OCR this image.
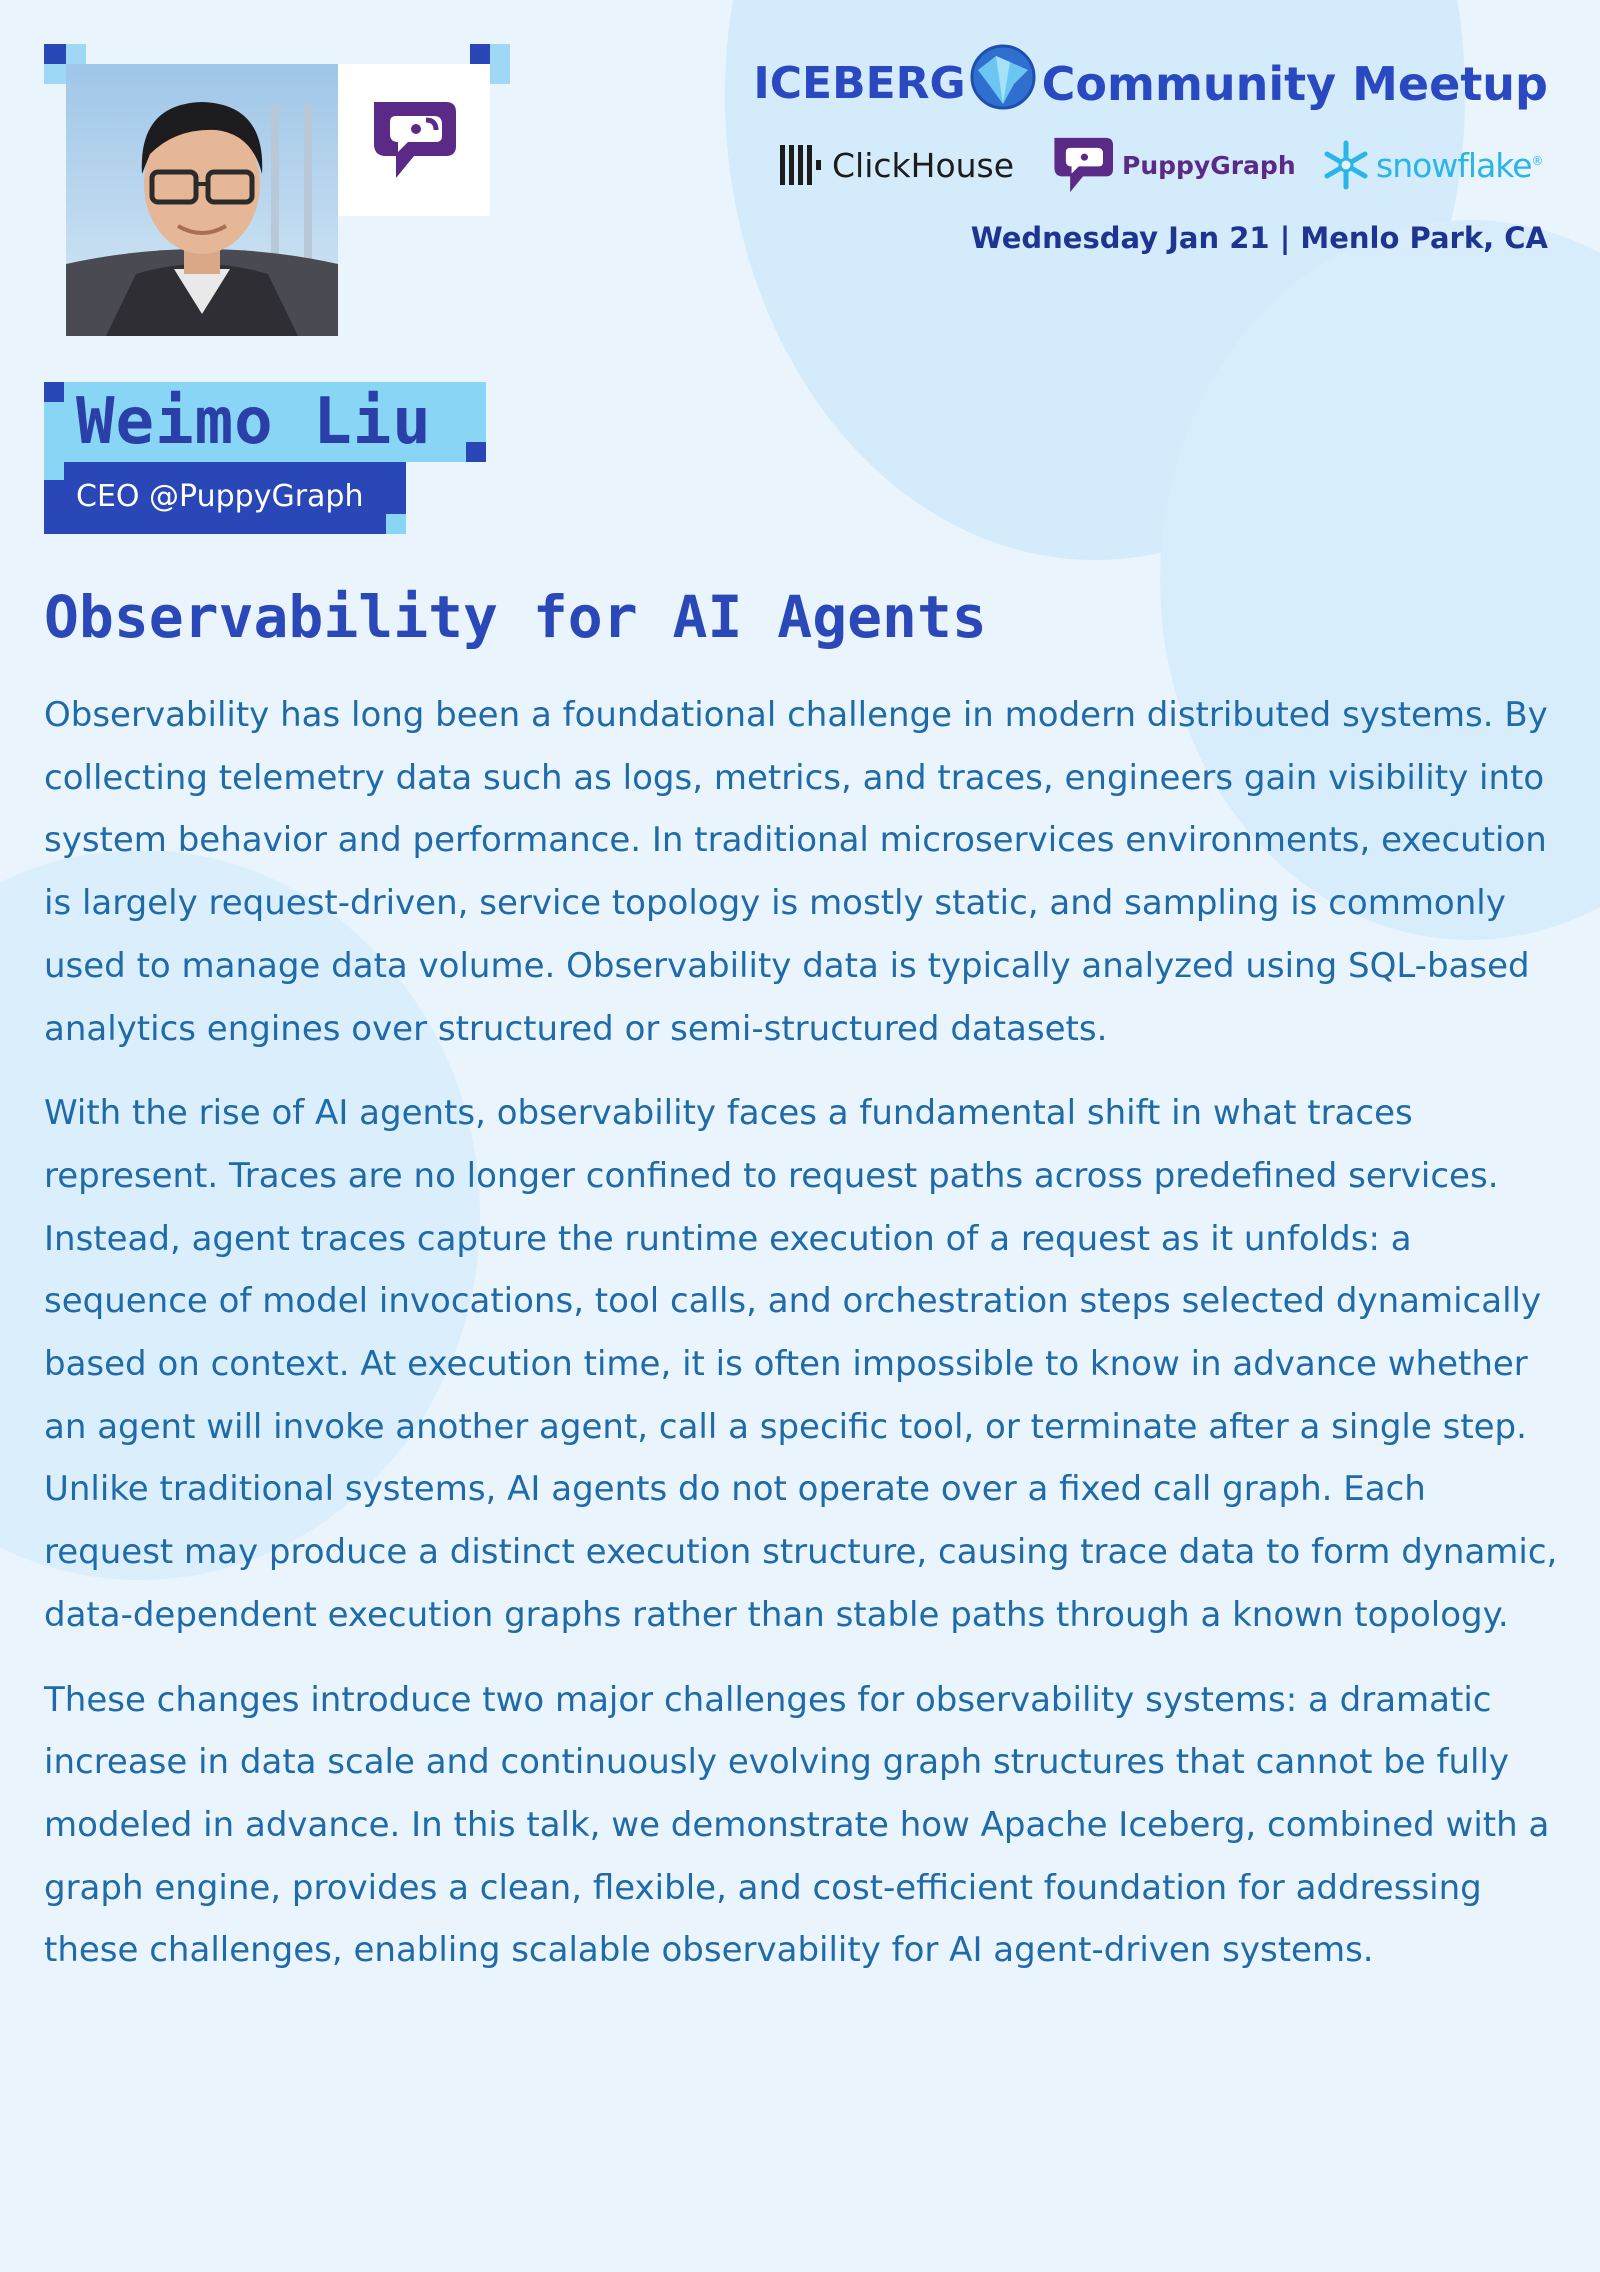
Weimo Liu
CEO @PuppyGraph
ICEBERG Community Meetup
ClickHouse	PuppyGraph snowflake®
Wednesday Jan 21 | Menlo Park, CA
Observability for AI Agents

Observability has long been a foundational challenge in modern distributed systems. By collecting telemetry data such as logs, metrics, and traces, engineers gain visibility into system behavior and performance. In traditional microservices environments, execution is largely request-driven, service topology is mostly static, and sampling is commonly used to manage data volume. Observability data is typically analyzed using SQL-based analytics engines over structured or semi-structured datasets.

With the rise of AI agents, observability faces a fundamental shift in what traces represent. Traces are no longer confined to request paths across predefined services. Instead, agent traces capture the runtime execution of a request as it unfolds: a sequence of model invocations, tool calls, and orchestration steps selected dynamically based on context. At execution time, it is often impossible to know in advance whether an agent will invoke another agent, call a specific tool, or terminate after a single step. Unlike traditional systems, AI agents do not operate over a fixed call graph. Each request may produce a distinct execution structure, causing trace data to form dynamic, data-dependent execution graphs rather than stable paths through a known topology.

These changes introduce two major challenges for observability systems: a dramatic increase in data scale and continuously evolving graph structures that cannot be fully modeled in advance. In this talk, we demonstrate how Apache Iceberg, combined with a graph engine, provides a clean, flexible, and cost-efficient foundation for addressing these challenges, enabling scalable observability for AI agent-driven systems.
